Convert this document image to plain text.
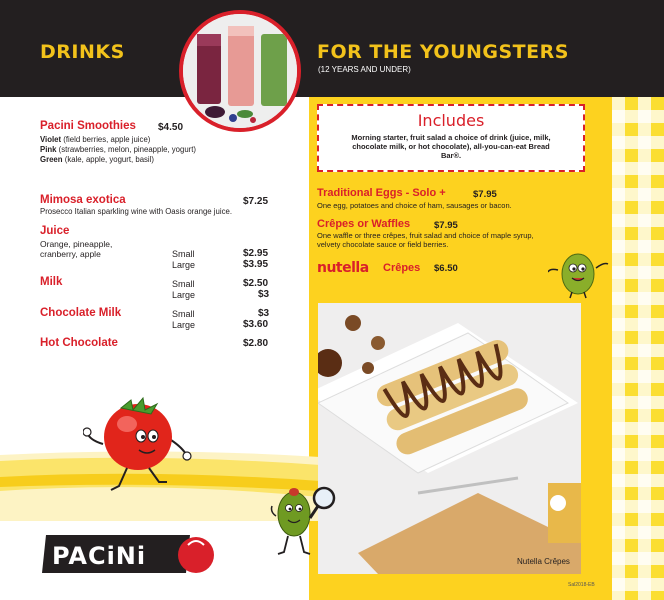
DRINKS	FOR THE YOUNGSTERS
(12 YEARS AND UNDER)
Includes
Morning starter, fruit salad a choice of drink (juice, milk, chocolate milk, or hot chocolate), all-you-can-eat Bread Bar®.
Pacini Smoothies $4.50
Violet (field berries, apple juice)
Pink (strawberries, melon, pineapple, yogurt)
Green (kale, apple, yogurt, basil)
Mimosa exotica	$7.25
Prosecco Italian sparkling wine with Oasis orange juice.
Juice
Orange, pineapple,
cranberry, apple	Small	$2.95
Large	$3.95
Milk	Small	$2.50
Large	$3
Chocolate Milk	Small	$3
Large	$3.60
Hot Chocolate	$2.80
PACiNi
Traditional Eggs - Solo +	$7.95
One egg, potatoes and choice of ham, sausages or bacon.
Crêpes or Waffles	$7.95
One waffle or three crêpes, fruit salad and choice of maple syrup,
velvety chocolate sauce or field berries.
nutella Crêpes $6.50
Nutella Crêpes
Sal2018-EB
